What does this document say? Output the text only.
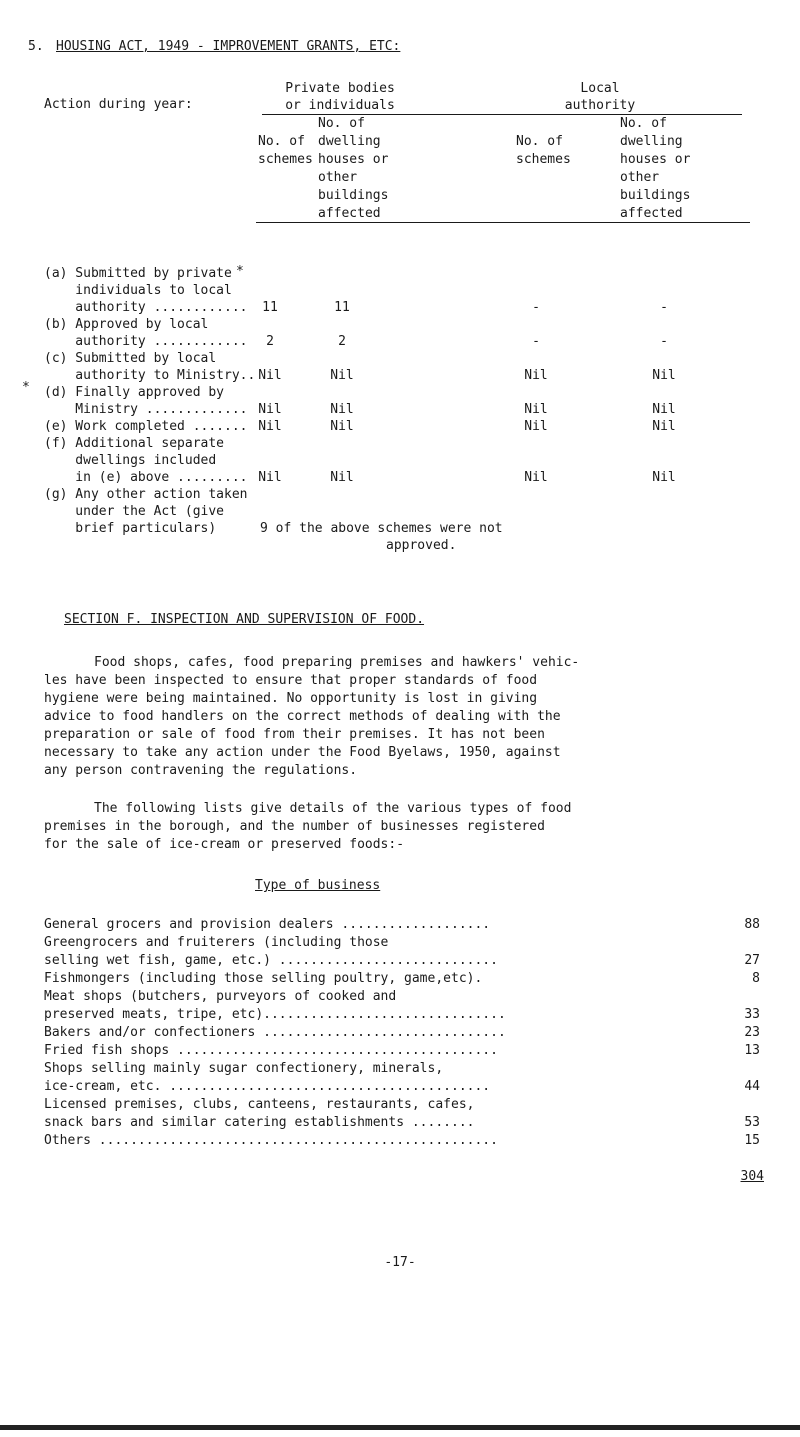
5. HOUSING ACT, 1949 - IMPROVEMENT GRANTS, ETC:
Action during year:
Private bodies
or individuals
Local
authority
No. of
schemes
No. of
dwelling
houses or
other
buildings
affected
No. of
schemes
No. of
dwelling
houses or
other
buildings
affected
*
*
(a) Submitted by private
individuals to local
authority ............	11	11	-	-
(b) Approved by local
authority ............	2	2	-	-
(c) Submitted by local
authority to Ministry.. Nil	Nil	Nil	Nil
(d) Finally approved by
Ministry ............. Nil	Nil	Nil	Nil
(e) Work completed ....... Nil	Nil	Nil	Nil
(f) Additional separate
dwellings included
in (e) above ......... Nil	Nil	Nil	Nil
(g) Any other action taken
under the Act (give
brief particulars)	9 of the above schemes were not
approved.
SECTION F. INSPECTION AND SUPERVISION OF FOOD.
Food shops, cafes, food preparing premises and hawkers' vehic-
les have been inspected to ensure that proper standards of food
hygiene were being maintained. No opportunity is lost in giving
advice to food handlers on the correct methods of dealing with the
preparation or sale of food from their premises. It has not been
necessary to take any action under the Food Byelaws, 1950, against
any person contravening the regulations.
The following lists give details of the various types of food
premises in the borough, and the number of businesses registered
for the sale of ice-cream or preserved foods:-
Type of business
General grocers and provision dealers ...................	88
Greengrocers and fruiterers (including those
selling wet fish, game, etc.) ............................	27
Fishmongers (including those selling poultry, game,etc).	8
Meat shops (butchers, purveyors of cooked and
preserved meats, tripe, etc)...............................	33
Bakers and/or confectioners ...............................	23
Fried fish shops .........................................	13
Shops selling mainly sugar confectionery, minerals,
ice-cream, etc. .........................................	44
Licensed premises, clubs, canteens, restaurants, cafes,
snack bars and similar catering establishments ........	53
Others ...................................................	15
304
-17-
